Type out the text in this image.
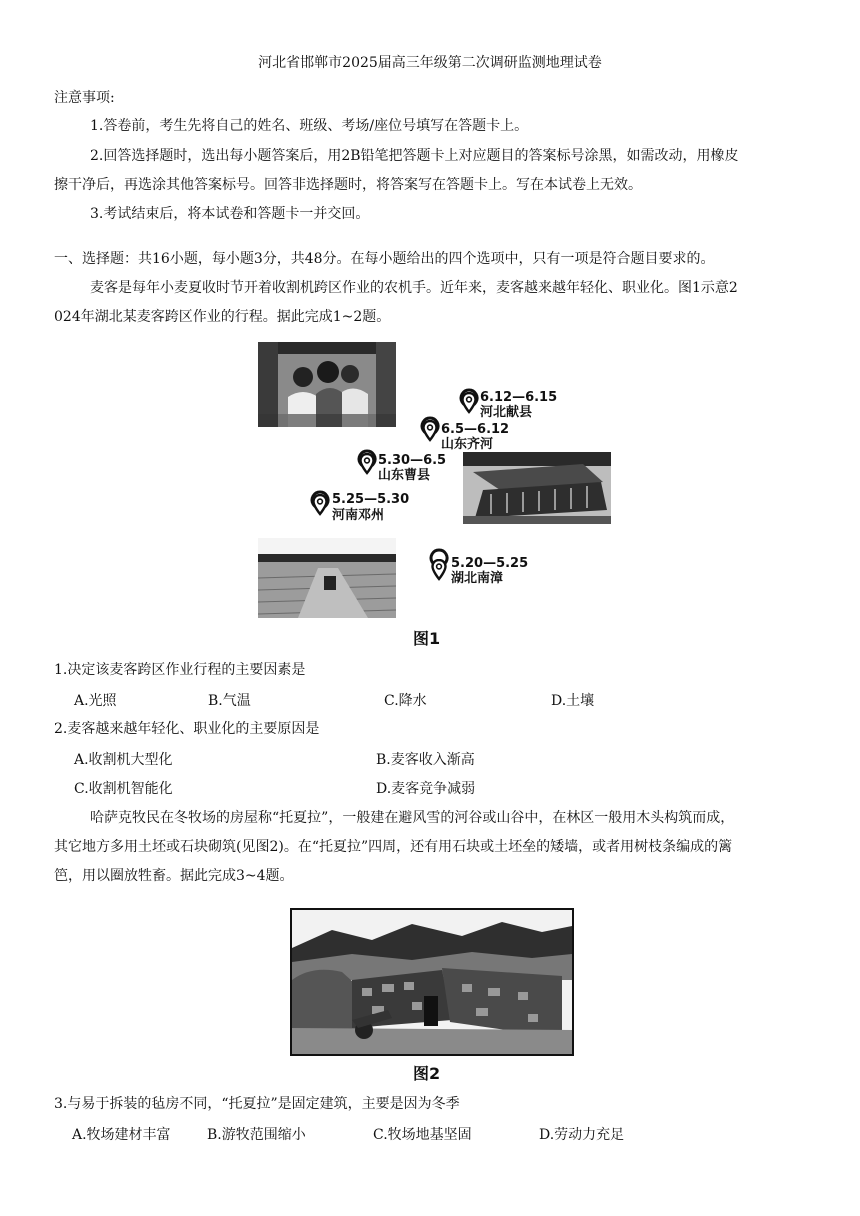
河北省邯郸市2025届高三年级第二次调研监测地理试卷
注意事项:
1.答卷前，考生先将自己的姓名、班级、考场/座位号填写在答题卡上。
2.回答选择题时，选出每小题答案后，用2B铅笔把答题卡上对应题目的答案标号涂黑，如需改动，用橡皮
擦干净后，再选涂其他答案标号。回答非选择题时，将答案写在答题卡上。写在本试卷上无效。
3.考试结束后，将本试卷和答题卡一并交回。
一、选择题：共16小题，每小题3分，共48分。在每小题给出的四个选项中，只有一项是符合题目要求的。
麦客是每年小麦夏收时节开着收割机跨区作业的农机手。近年来，麦客越来越年轻化、职业化。图1示意2
024年湖北某麦客跨区作业的行程。据此完成1~2题。
6.12—6.15
河北献县
6.5—6.12
山东齐河
5.30—6.5
山东曹县
5.25—5.30
河南邓州
5.20—5.25
湖北南漳
图1
1.决定该麦客跨区作业行程的主要因素是
A.光照	B.气温	C.降水	D.土壤
2.麦客越来越年轻化、职业化的主要原因是
A.收割机大型化	B.麦客收入渐高
C.收割机智能化	D.麦客竞争减弱
哈萨克牧民在冬牧场的房屋称“托夏拉”，一般建在避风雪的河谷或山谷中，在林区一般用木头构筑而成，
其它地方多用土坯或石块砌筑(见图2)。在“托夏拉”四周，还有用石块或土坯垒的矮墙，或者用树枝条编成的篱
笆，用以圈放牲畜。据此完成3~4题。
图2
3.与易于拆装的毡房不同，“托夏拉”是固定建筑，主要是因为冬季
A.牧场建材丰富	B.游牧范围缩小	C.牧场地基坚固	D.劳动力充足
